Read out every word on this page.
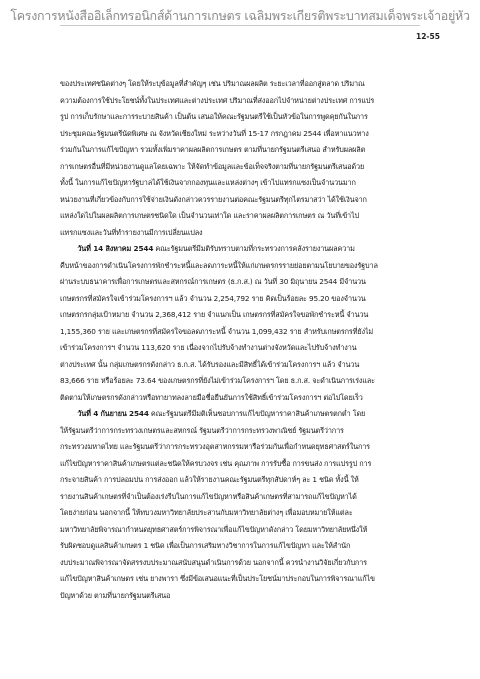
โครงการหนังสืออิเล็กทรอนิกส์ด้านการเกษตร เฉลิมพระเกียรติพระบาทสมเด็จพระเจ้าอยู่หัว
12-55
ของประเทศชนิดต่างๆ โดยให้ระบุข้อมูลที่สำคัญๆ เช่น ปริมาณผลผลิต ระยะเวลาที่ออกสู่ตลาด ปริมาณ
ความต้องการใช้ประโยชน์ทั้งในประเทศและต่างประเทศ ปริมาณที่ส่งออกไปจำหน่ายต่างประเทศ การแปร
รูป การเก็บรักษาและการระบายสินค้า เป็นต้น เสนอให้คณะรัฐมนตรีใช้เป็นหัวข้อในการพูดคุยกันในการ
ประชุมคณะรัฐมนตรีนัดพิเศษ ณ จังหวัดเชียงใหม่ ระหว่างวันที่ 15-17 กรกฎาคม 2544 เพื่อหาแนวทาง
ร่วมกันในการแก้ไขปัญหา รวมทั้งเพิ่มราคาผลผลิตการเกษตร ตามที่นายกรัฐมนตรีเสนอ สำหรับผลผลิต
การเกษตรอื่นที่มีหน่วยงานดูแลโดยเฉพาะ ให้จัดทำข้อมูลและข้อเท็จจริงตามที่นายกรัฐมนตรีเสนอด้วย
ทั้งนี้ ในการแก้ไขปัญหารัฐบาลได้ใช้เงินจากกองทุนและแหล่งต่างๆ เข้าไปแทรกแซงเป็นจำนวนมาก
หน่วยงานที่เกี่ยวข้องกับการใช้จ่ายเงินดังกล่าวควรรายงานต่อคณะรัฐมนตรีทุกไตรมาสว่า ได้ใช้เงินจาก
แหล่งใดไปในผลผลิตการเกษตรชนิดใด เป็นจำนวนเท่าใด และราคาผลผลิตการเกษตร ณ วันที่เข้าไป
แทรกแซงและวันที่ทำรายงานมีการเปลี่ยนแปลง
วันที่ 14 สิงหาคม 2544 คณะรัฐมนตรีมีมติรับทราบตามที่กระทรวงการคลังรายงานผลความ
คืบหน้าของการดำเนินโครงการพักชำระหนี้และลดภาระหนี้ให้แก่เกษตรกรรายย่อยตามนโยบายของรัฐบาล
ผ่านระบบธนาคารเพื่อการเกษตรและสหกรณ์การเกษตร (ธ.ก.ส.) ณ วันที่ 30 มิถุนายน 2544 มีจำนวน
เกษตรกรที่สมัครใจเข้าร่วมโครงการฯ แล้ว จำนวน 2,254,792 ราย คิดเป็นร้อยละ 95.20 ของจำนวน
เกษตรกรกลุ่มเป้าหมาย จำนวน 2,368,412 ราย จำแนกเป็น เกษตรกรที่สมัครใจขอพักชำระหนี้ จำนวน
1,155,360 ราย และเกษตรกรที่สมัครใจขอลดภาระหนี้ จำนวน 1,099,432 ราย สำหรับเกษตรกรที่ยังไม่
เข้าร่วมโครงการฯ จำนวน 113,620 ราย เนื่องจากไปรับจ้างทำงานต่างจังหวัดและไปรับจ้างทำงาน
ต่างประเทศ นั้น กลุ่มเกษตรกรดังกล่าว ธ.ก.ส. ได้รับรองและมีสิทธิ์ได้เข้าร่วมโครงการฯ แล้ว จำนวน
83,666 ราย หรือร้อยละ 73.64 ของเกษตรกรที่ยังไม่เข้าร่วมโครงการฯ โดย ธ.ก.ส. จะดำเนินการเร่งและ
ติดตามให้เกษตรกรดังกล่าวหรือทายาทลงลายมือชื่อยืนยันการใช้สิทธิ์เข้าร่วมโครงการฯ ต่อไปโดยเร็ว
วันที่ 4 กันยายน 2544 คณะรัฐมนตรีมีมติเห็นชอบการแก้ไขปัญหาราคาสินค้าเกษตรตกต่ำ โดย
ให้รัฐมนตรีว่าการกระทรวงเกษตรและสหกรณ์ รัฐมนตรีว่าการกระทรวงพาณิชย์ รัฐมนตรีว่าการ
กระทรวงมหาดไทย และรัฐมนตรีว่าการกระทรวงอุตสาหกรรมหารือร่วมกันเพื่อกำหนดยุทธศาสตร์ในการ
แก้ไขปัญหาราคาสินค้าเกษตรแต่ละชนิดให้ครบวงจร เช่น คุณภาพ การรับซื้อ การขนส่ง การแปรรูป การ
กระจายสินค้า การปลอมปน การส่งออก แล้วให้รายงานคณะรัฐมนตรีทุกสัปดาห์ๆ ละ 1 ชนิด ทั้งนี้ ให้
รายงานสินค้าเกษตรที่จำเป็นต้องเร่งรีบในการแก้ไขปัญหาหรือสินค้าเกษตรที่สามารถแก้ไขปัญหาได้
โดยง่ายก่อน นอกจากนี้ ให้ทบวงมหาวิทยาลัยประสานกับมหาวิทยาลัยต่างๆ เพื่อมอบหมายให้แต่ละ
มหาวิทยาลัยพิจารณากำหนดยุทธศาสตร์การพิจารณาเพื่อแก้ไขปัญหาดังกล่าว โดยมหาวิทยาลัยหนึ่งให้
รับผิดชอบดูแลสินค้าเกษตร 1 ชนิด เพื่อเป็นการเสริมทางวิชาการในการแก้ไขปัญหา และให้สำนัก
งบประมาณพิจารณาจัดสรรงบประมาณสนับสนุนดำเนินการด้วย นอกจากนี้ ควรนำงานวิจัยเกี่ยวกับการ
แก้ไขปัญหาสินค้าเกษตร เช่น ยางพารา ซึ่งมีข้อเสนอแนะที่เป็นประโยชน์มาประกอบในการพิจารณาแก้ไข
ปัญหาด้วย ตามที่นายกรัฐมนตรีเสนอ
